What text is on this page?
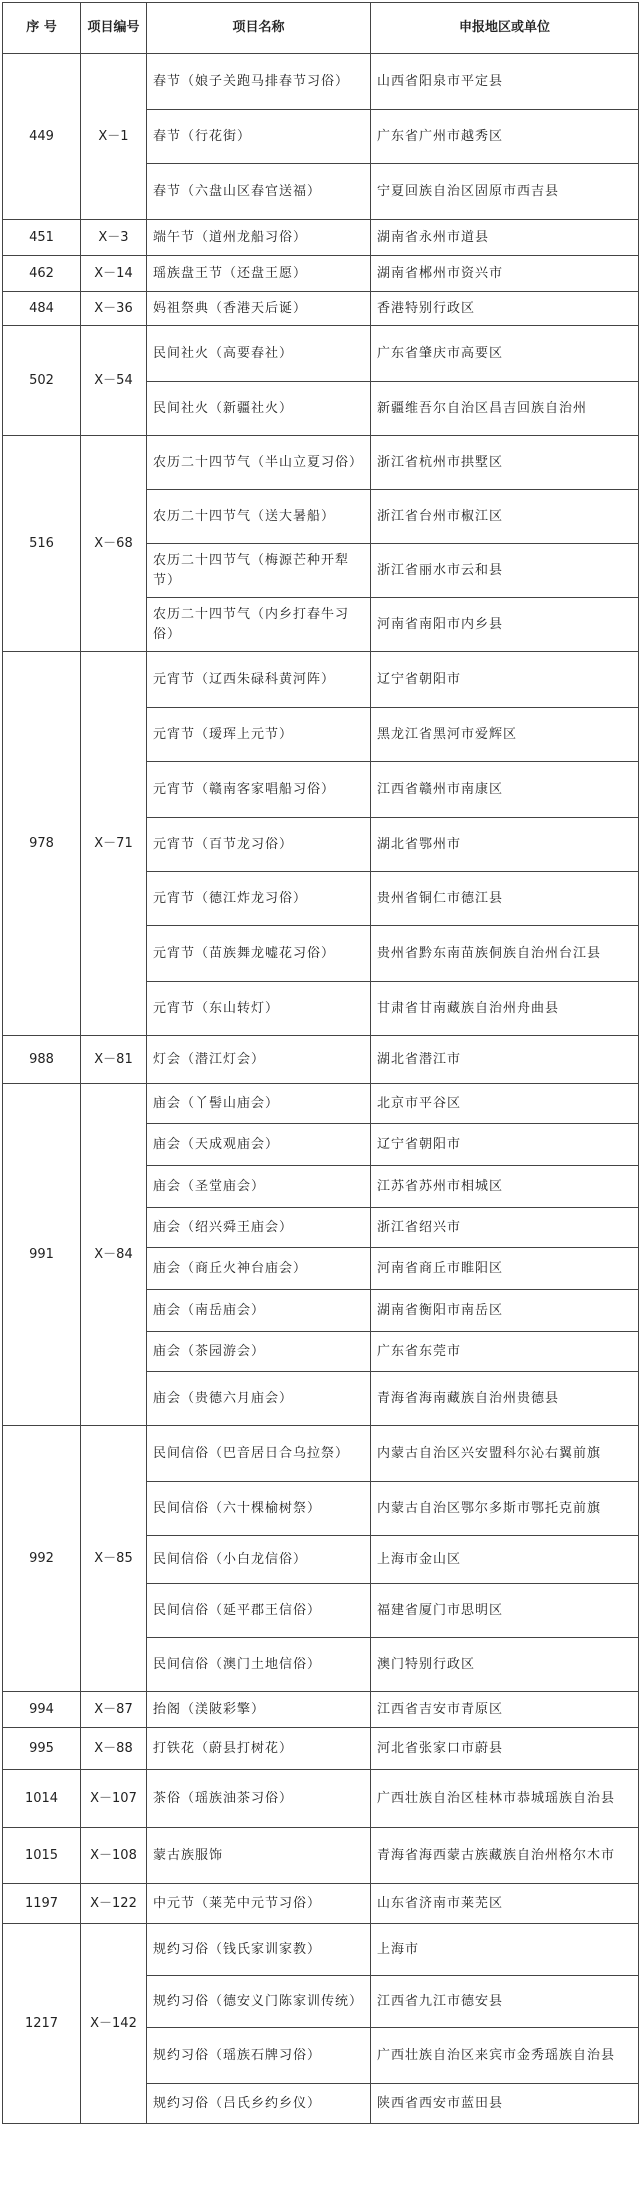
序 号	项目编号	项目名称	申报地区或单位
449	Ⅹ－1	春节（娘子关跑马排春节习俗）	山西省阳泉市平定县
		春节（行花街）	广东省广州市越秀区
		春节（六盘山区春官送福）	宁夏回族自治区固原市西吉县
451	Ⅹ－3	端午节（道州龙船习俗）	湖南省永州市道县
462	Ⅹ－14	瑶族盘王节（还盘王愿）	湖南省郴州市资兴市
484	Ⅹ－36	妈祖祭典（香港天后诞）	香港特别行政区
502	Ⅹ－54	民间社火（高要春社）	广东省肇庆市高要区
		民间社火（新疆社火）	新疆维吾尔自治区昌吉回族自治州
516	Ⅹ－68	农历二十四节气（半山立夏习俗）	浙江省杭州市拱墅区
		农历二十四节气（送大暑船）	浙江省台州市椒江区
		农历二十四节气（梅源芒种开犁节）	浙江省丽水市云和县
		农历二十四节气（内乡打春牛习俗）	河南省南阳市内乡县
978	Ⅹ－71	元宵节（辽西朱碌科黄河阵）	辽宁省朝阳市
		元宵节（瑷珲上元节）	黑龙江省黑河市爱辉区
		元宵节（赣南客家唱船习俗）	江西省赣州市南康区
		元宵节（百节龙习俗）	湖北省鄂州市
		元宵节（德江炸龙习俗）	贵州省铜仁市德江县
		元宵节（苗族舞龙嘘花习俗）	贵州省黔东南苗族侗族自治州台江县
		元宵节（东山转灯）	甘肃省甘南藏族自治州舟曲县
988	Ⅹ－81	灯会（潜江灯会）	湖北省潜江市
991	Ⅹ－84	庙会（丫髻山庙会）	北京市平谷区
		庙会（天成观庙会）	辽宁省朝阳市
		庙会（圣堂庙会）	江苏省苏州市相城区
		庙会（绍兴舜王庙会）	浙江省绍兴市
		庙会（商丘火神台庙会）	河南省商丘市睢阳区
		庙会（南岳庙会）	湖南省衡阳市南岳区
		庙会（茶园游会）	广东省东莞市
		庙会（贵德六月庙会）	青海省海南藏族自治州贵德县
992	Ⅹ－85	民间信俗（巴音居日合乌拉祭）	内蒙古自治区兴安盟科尔沁右翼前旗
		民间信俗（六十棵榆树祭）	内蒙古自治区鄂尔多斯市鄂托克前旗
		民间信俗（小白龙信俗）	上海市金山区
		民间信俗（延平郡王信俗）	福建省厦门市思明区
		民间信俗（澳门土地信俗）	澳门特别行政区
994	Ⅹ－87	抬阁（渼陂彩擎）	江西省吉安市青原区
995	Ⅹ－88	打铁花（蔚县打树花）	河北省张家口市蔚县
1014	Ⅹ－107	茶俗（瑶族油茶习俗）	广西壮族自治区桂林市恭城瑶族自治县
1015	Ⅹ－108	蒙古族服饰	青海省海西蒙古族藏族自治州格尔木市
1197	Ⅹ－122	中元节（莱芜中元节习俗）	山东省济南市莱芜区
1217	Ⅹ－142	规约习俗（钱氏家训家教）	上海市
		规约习俗（德安义门陈家训传统）	江西省九江市德安县
		规约习俗（瑶族石牌习俗）	广西壮族自治区来宾市金秀瑶族自治县
		规约习俗（吕氏乡约乡仪）	陕西省西安市蓝田县
